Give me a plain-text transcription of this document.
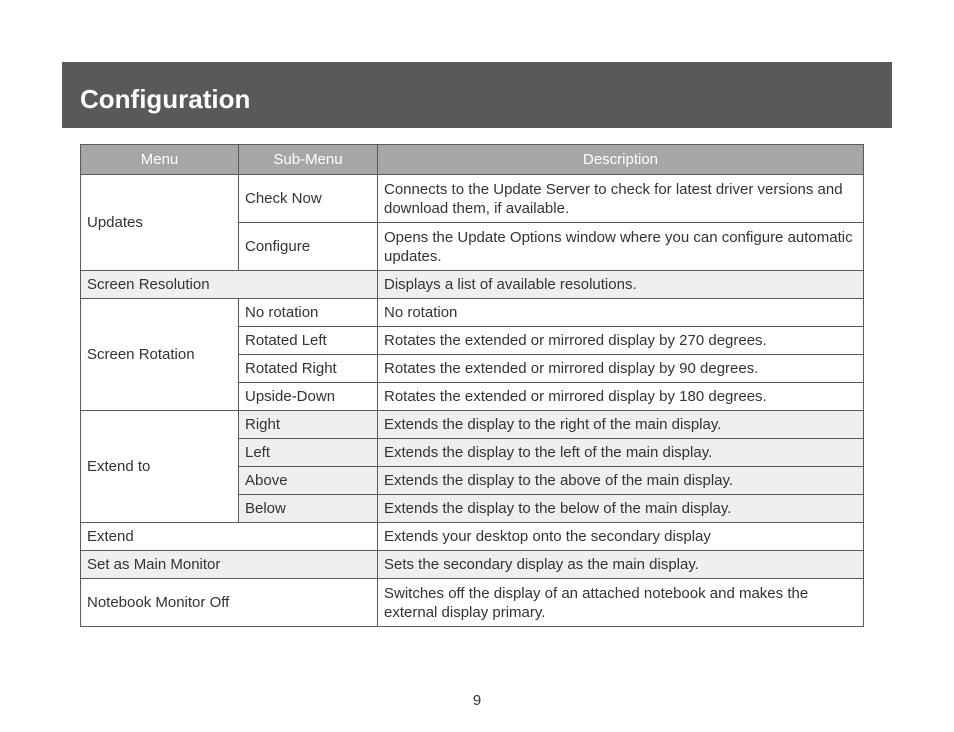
Configuration
Menu	Sub-Menu	Description
Updates	Check Now	Connects to the Update Server to check for latest driver versions and download them, if available.
	Configure	Opens the Update Options window where you can configure automatic updates.
Screen Resolution		Displays a list of available resolutions.
Screen Rotation	No rotation	No rotation
	Rotated Left	Rotates the extended or mirrored display by 270 degrees.
	Rotated Right	Rotates the extended or mirrored display by 90 degrees.
	Upside-Down	Rotates the extended or mirrored display by 180 degrees.
Extend to	Right	Extends the display to the right of the main display.
	Left	Extends the display to the left of the main display.
	Above	Extends the display to the above of the main display.
	Below	Extends the display to the below of the main display.
Extend		Extends your desktop onto the secondary display
Set as Main Monitor		Sets the secondary display as the main display.
Notebook Monitor Off		Switches off the display of an attached notebook and makes the external display primary.
9
